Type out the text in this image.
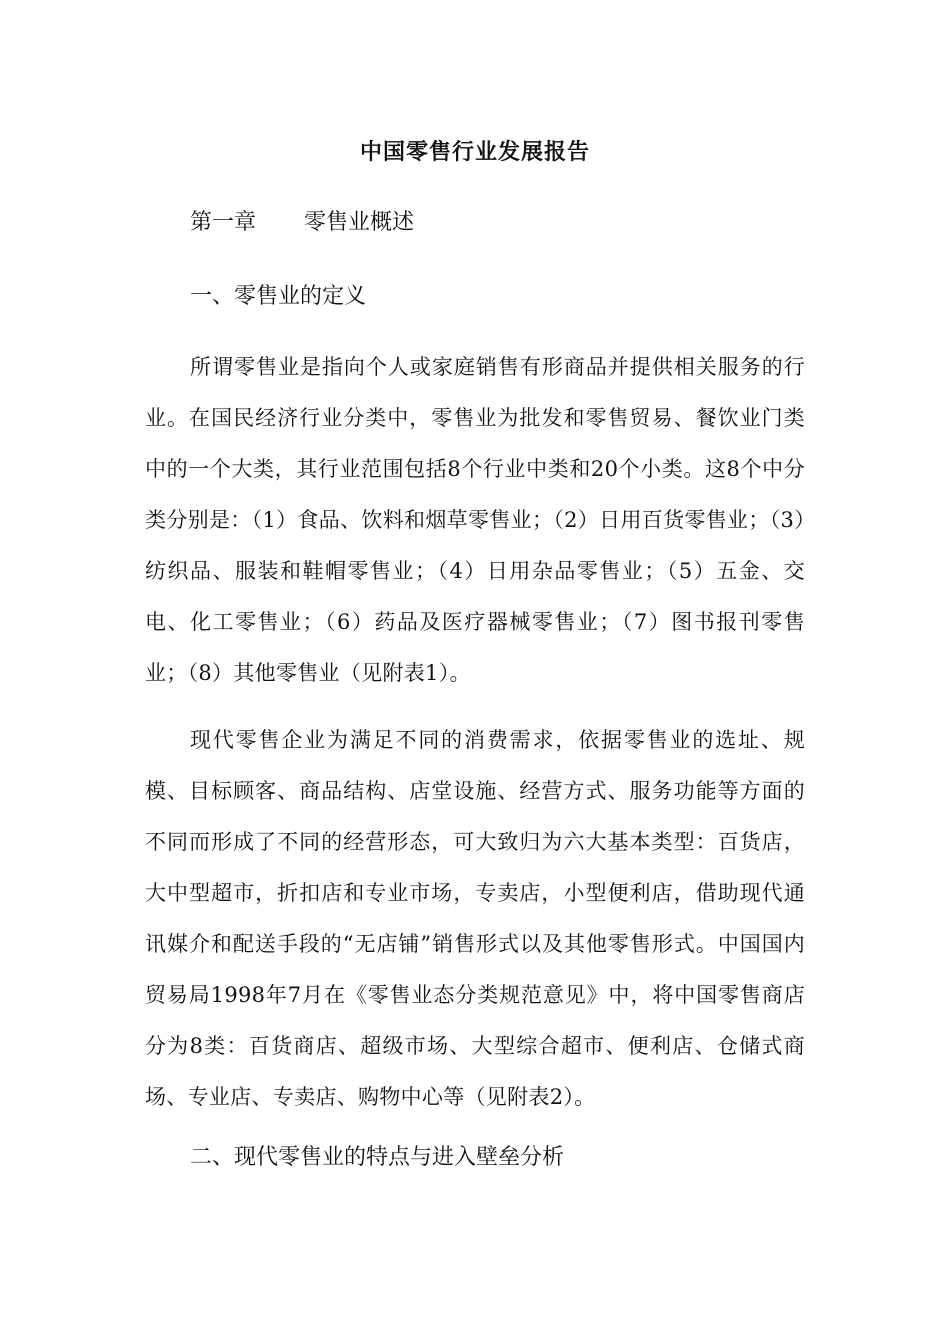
中国零售行业发展报告
第一章 零售业概述
一、零售业的定义
所谓零售业是指向个人或家庭销售有形商品并提供相关服务的行业。在国民经济行业分类中，零售业为批发和零售贸易、餐饮业门类中的一个大类，其行业范围包括8个行业中类和20个小类。这8个中分类分别是：（1）食品、饮料和烟草零售业；（2）日用百货零售业；（3）纺织品、服装和鞋帽零售业；（4）日用杂品零售业；（5）五金、交电、化工零售业；（6）药品及医疗器械零售业；（7）图书报刊零售业；（8）其他零售业（见附表1）。
现代零售企业为满足不同的消费需求，依据零售业的选址、规模、目标顾客、商品结构、店堂设施、经营方式、服务功能等方面的不同而形成了不同的经营形态，可大致归为六大基本类型：百货店，大中型超市，折扣店和专业市场，专卖店，小型便利店，借助现代通讯媒介和配送手段的“无店铺”销售形式以及其他零售形式。中国国内贸易局1998年7月在《零售业态分类规范意见》中，将中国零售商店分为8类：百货商店、超级市场、大型综合超市、便利店、仓储式商场、专业店、专卖店、购物中心等（见附表2）。
二、现代零售业的特点与进入壁垒分析
